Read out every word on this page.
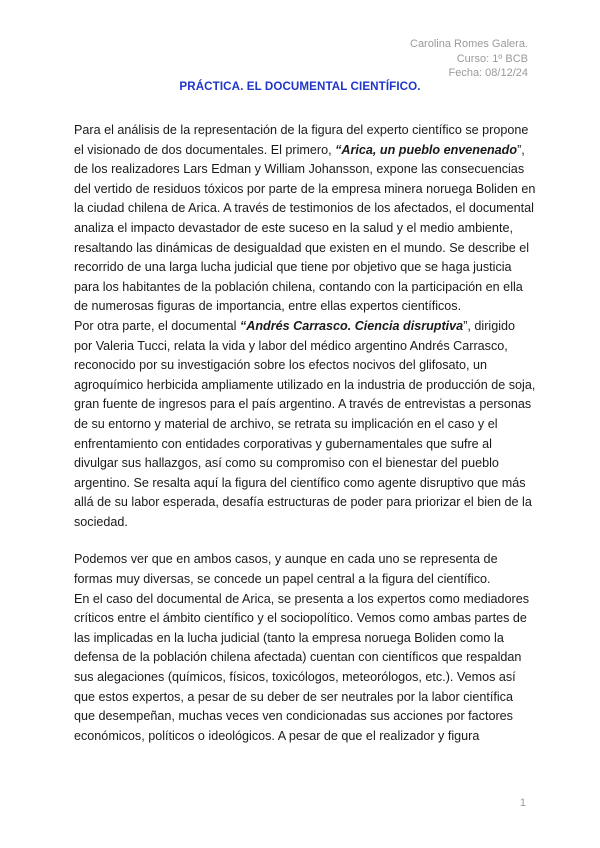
Carolina Romes Galera.
Curso: 1º BCB
Fecha: 08/12/24
PRÁCTICA. EL DOCUMENTAL CIENTÍFICO.

Para el análisis de la representación de la figura del experto científico se propone el visionado de dos documentales. El primero, “Arica, un pueblo envenenado”, de los realizadores Lars Edman y William Johansson, expone las consecuencias del vertido de residuos tóxicos por parte de la empresa minera noruega Boliden en la ciudad chilena de Arica. A través de testimonios de los afectados, el documental analiza el impacto devastador de este suceso en la salud y el medio ambiente, resaltando las dinámicas de desigualdad que existen en el mundo. Se describe el recorrido de una larga lucha judicial que tiene por objetivo que se haga justicia para los habitantes de la población chilena, contando con la participación en ella de numerosas figuras de importancia, entre ellas expertos científicos.

Por otra parte, el documental “Andrés Carrasco. Ciencia disruptiva”, dirigido por Valeria Tucci, relata la vida y labor del médico argentino Andrés Carrasco, reconocido por su investigación sobre los efectos nocivos del glifosato, un agroquímico herbicida ampliamente utilizado en la industria de producción de soja, gran fuente de ingresos para el país argentino. A través de entrevistas a personas de su entorno y material de archivo, se retrata su implicación en el caso y el enfrentamiento con entidades corporativas y gubernamentales que sufre al divulgar sus hallazgos, así como su compromiso con el bienestar del pueblo argentino. Se resalta aquí la figura del científico como agente disruptivo que más allá de su labor esperada, desafía estructuras de poder para priorizar el bien de la sociedad.

Podemos ver que en ambos casos, y aunque en cada uno se representa de formas muy diversas, se concede un papel central a la figura del científico.

En el caso del documental de Arica, se presenta a los expertos como mediadores críticos entre el ámbito científico y el sociopolítico. Vemos como ambas partes de las implicadas en la lucha judicial (tanto la empresa noruega Boliden como la defensa de la población chilena afectada) cuentan con científicos que respaldan sus alegaciones (químicos, físicos, toxicólogos, meteorólogos, etc.). Vemos así que estos expertos, a pesar de su deber de ser neutrales por la labor científica que desempeñan, muchas veces ven condicionadas sus acciones por factores económicos, políticos o ideológicos. A pesar de que el realizador y figura

1
